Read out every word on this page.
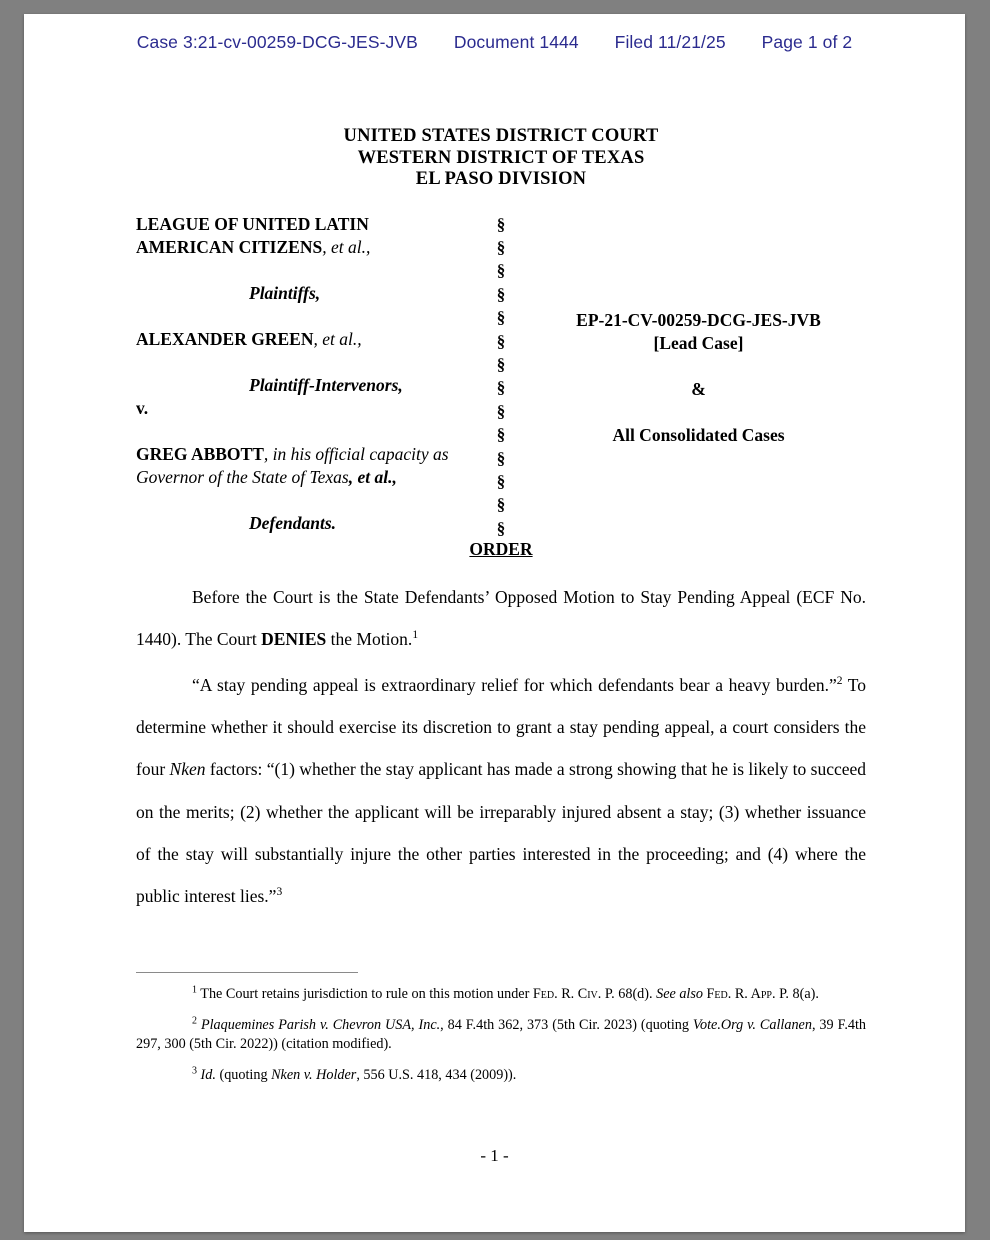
Case 3:21-cv-00259-DCG-JES-JVB Document 1444 Filed 11/21/25 Page 1 of 2
UNITED STATES DISTRICT COURT
WESTERN DISTRICT OF TEXAS
EL PASO DIVISION
LEAGUE OF UNITED LATIN
AMERICAN CITIZENS, et al.,
Plaintiffs,
ALEXANDER GREEN, et al.,
Plaintiff-Intervenors,
v.
GREG ABBOTT, in his official capacity as
Governor of the State of Texas, et al.,
Defendants.
§
§
§
§
§
§
§
§
§
§
§
§
§
§
EP-21-CV-00259-DCG-JES-JVB
[Lead Case]
&
All Consolidated Cases
ORDER

Before the Court is the State Defendants’ Opposed Motion to Stay Pending Appeal (ECF No. 1440). The Court DENIES the Motion.$^1$

“A stay pending appeal is extraordinary relief for which defendants bear a heavy burden.”$^2$ To determine whether it should exercise its discretion to grant a stay pending appeal, a court considers the four Nken factors: “(1) whether the stay applicant has made a strong showing that he is likely to succeed on the merits; (2) whether the applicant will be irreparably injured absent a stay; (3) whether issuance of the stay will substantially injure the other parties interested in the proceeding; and (4) where the public interest lies.”$^3$

$^1$ The Court retains jurisdiction to rule on this motion under Fed. R. Civ. P. 68(d). See also Fed. R. App. P. 8(a).

$^2$ Plaquemines Parish v. Chevron USA, Inc., 84 F.4th 362, 373 (5th Cir. 2023) (quoting Vote.Org v. Callanen, 39 F.4th 297, 300 (5th Cir. 2022)) (citation modified).

$^3$ Id. (quoting Nken v. Holder, 556 U.S. 418, 434 (2009)).

- 1 -
